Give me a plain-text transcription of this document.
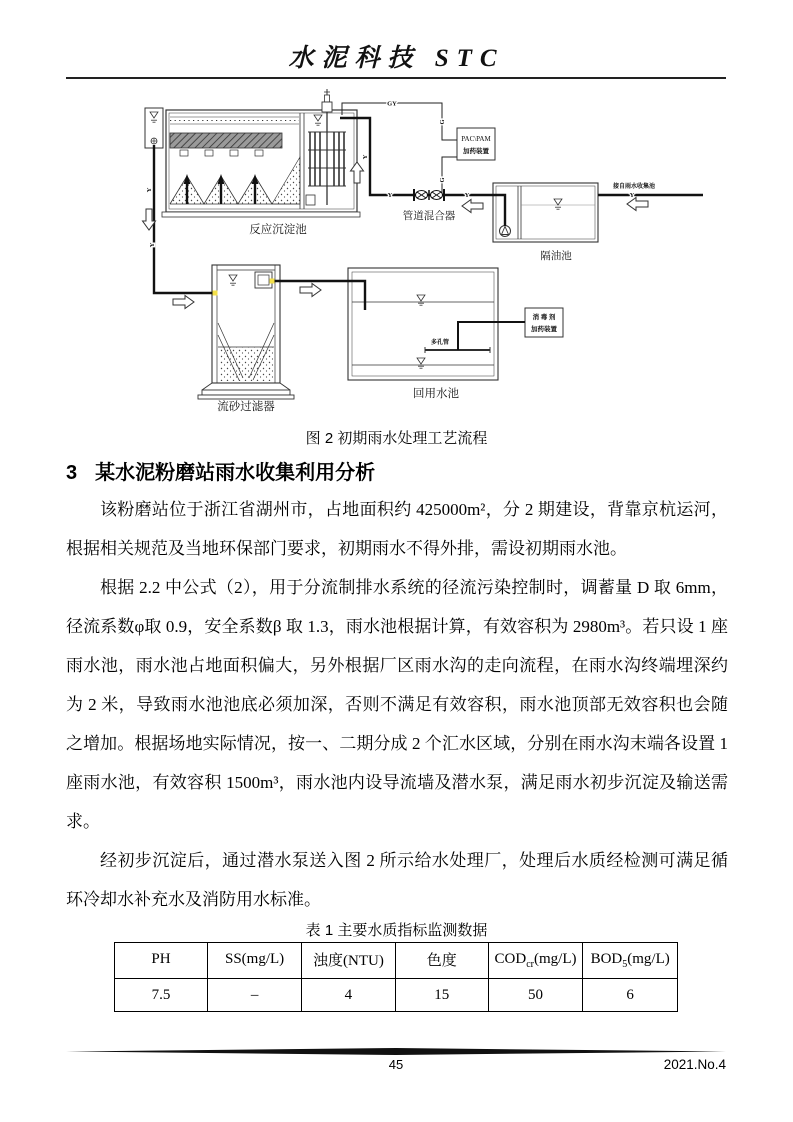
水泥科技 STC
PAC\PAM
加药装置
消 毒 剂
加药装置
Y
Y
Y
Y	Y	Y
GY
G
G
反应沉淀池
管道混合器
隔油池
流砂过滤器
回用水池
接自雨水收集池
多孔管
图 2 初期雨水处理工艺流程
3 某水泥粉磨站雨水收集利用分析

该粉磨站位于浙江省湖州市，占地面积约 425000m²，分 2 期建设，背靠京杭运河，根据相关规范及当地环保部门要求，初期雨水不得外排，需设初期雨水池。

根据 2.2 中公式（2），用于分流制排水系统的径流污染控制时，调蓄量 D 取 6mm，径流系数φ取 0.9，安全系数β 取 1.3，雨水池根据计算，有效容积为 2980m³。若只设 1 座雨水池，雨水池占地面积偏大，另外根据厂区雨水沟的走向流程，在雨水沟终端埋深约为 2 米，导致雨水池池底必须加深，否则不满足有效容积，雨水池顶部无效容积也会随之增加。根据场地实际情况，按一、二期分成 2 个汇水区域，分别在雨水沟末端各设置 1 座雨水池，有效容积 1500m³，雨水池内设导流墙及潜水泵，满足雨水初步沉淀及输送需求。

经初步沉淀后，通过潜水泵送入图 2 所示给水处理厂，处理后水质经检测可满足循环冷却水补充水及消防用水标准。

表 1 主要水质指标监测数据
PH	SS(mg/L)	浊度(NTU)	色度	$COD_{cr}(mg/L)$	$BOD_5(mg/L)$
7.5	–	4	15	50	6
45	2021.No.4
